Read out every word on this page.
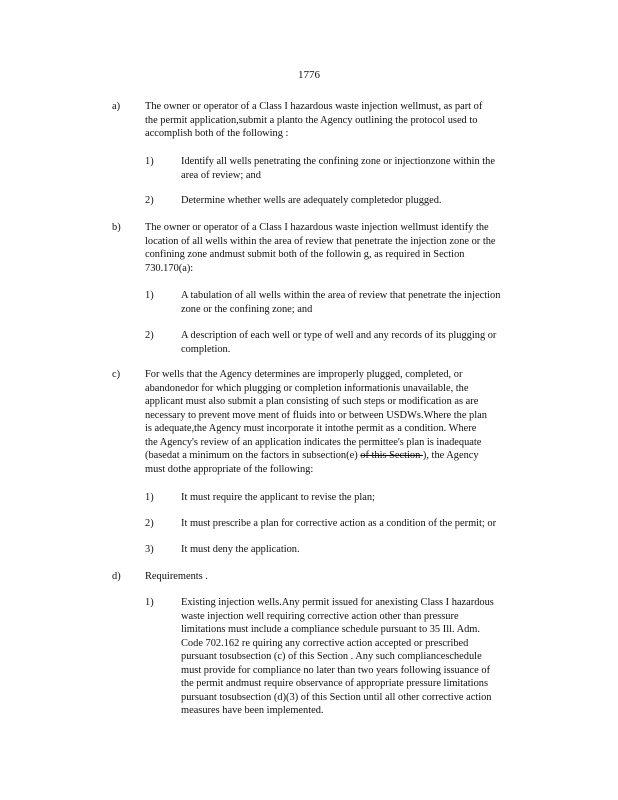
1776
a) The owner or operator of a Class I hazardous waste injection wellmust, as part of
the permit application,submit a planto the Agency outlining the protocol used to
accomplish both of the following :
1)	Identify all wells penetrating the confining zone or injectionzone within the
area of review; and
2)	Determine whether wells are adequately completedor plugged.
b) The owner or operator of a Class I hazardous waste injection wellmust identify the
location of all wells within the area of review that penetrate the injection zone or the
confining zone andmust submit both of the followin g, as required in Section
730.170(a):
1)	A tabulation of all wells within the area of review that penetrate the injection
zone or the confining zone; and
2)	A description of each well or type of well and any records of its plugging or
completion.
c) For wells that the Agency determines are improperly plugged, completed, or
abandonedor for which plugging or completion informationis unavailable, the
applicant must also submit a plan consisting of such steps or modification as are
necessary to prevent move ment of fluids into or between USDWs.Where the plan
is adequate,the Agency must incorporate it intothe permit as a condition. Where
the Agency's review of an application indicates the permittee's plan is inadequate
(basedat a minimum on the factors in subsection(e) of this Section ), the Agency
must dothe appropriate of the following:
1)	It must require the applicant to revise the plan;
2)	It must prescribe a plan for corrective action as a condition of the permit; or
3)	It must deny the application.
d) Requirements .
1)	Existing injection wells.Any permit issued for anexisting Class I hazardous
waste injection well requiring corrective action other than pressure
limitations must include a compliance schedule pursuant to 35 Ill. Adm.
Code 702.162 re quiring any corrective action accepted or prescribed
pursuant tosubsection (c) of this Section . Any such complianceschedule
must provide for compliance no later than two years following issuance of
the permit andmust require observance of appropriate pressure limitations
pursuant tosubsection (d)(3) of this Section until all other corrective action
measures have been implemented.
